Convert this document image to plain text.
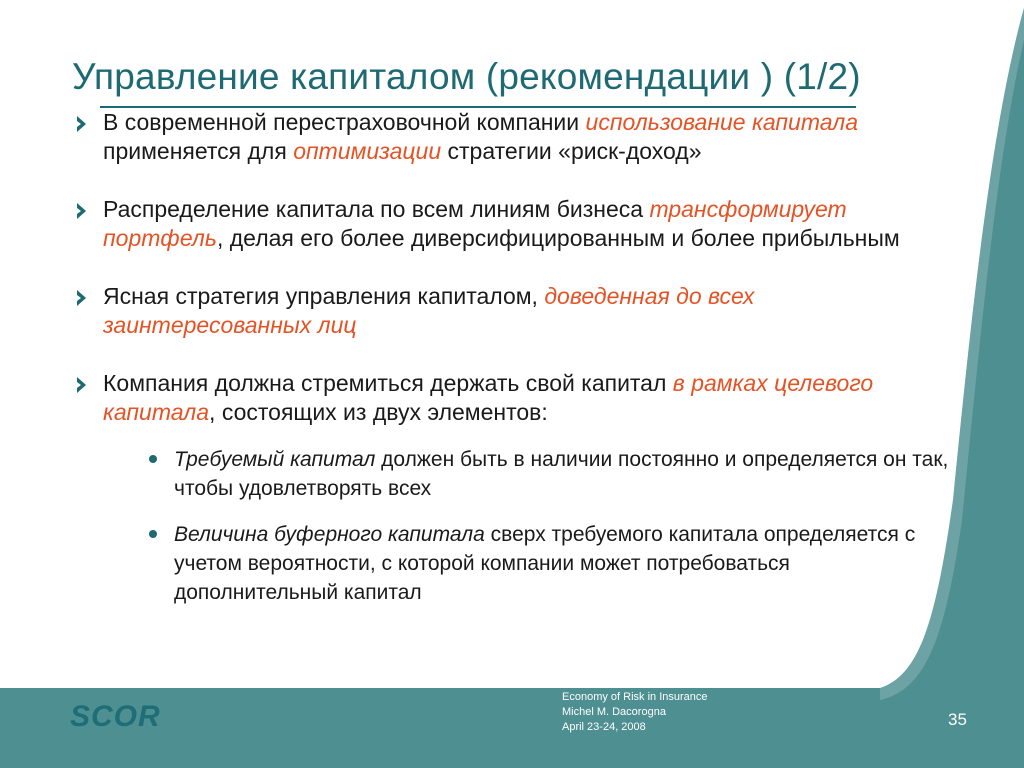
Управление капиталом (рекомендации ) (1/2)
В современной перестраховочной компании использование капитала применяется для оптимизации стратегии «риск-доход»
Распределение капитала по всем линиям бизнеса трансформирует портфель, делая его более диверсифицированным и более прибыльным
Ясная стратегия управления капиталом, доведенная до всех заинтересованных лиц
Компания должна стремиться держать свой капитал в рамках целевого капитала, состоящих из двух элементов:
Требуемый капитал должен быть в наличии постоянно и определяется он так, чтобы удовлетворять всех
Величина буферного капитала сверх требуемого капитала определяется с учетом вероятности, с которой компании может потребоваться дополнительный капитал
SCOR
Economy of Risk in Insurance
Michel M. Dacorogna
April 23-24, 2008	35
